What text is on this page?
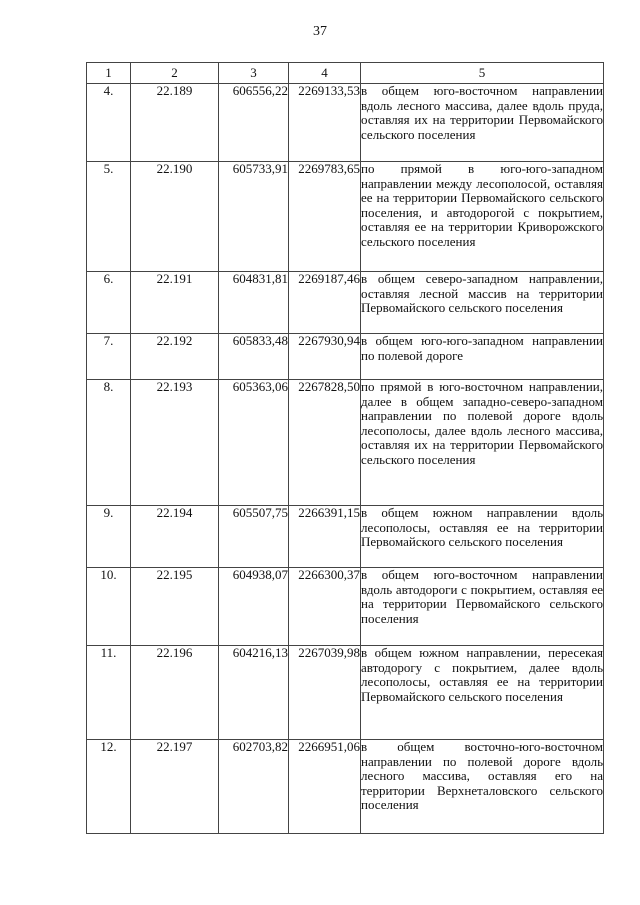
37
1	2	3	4	5
4.	22.189	606556,22	2269133,53	в общем юго-восточном направлении вдоль лесного массива, далее вдоль пруда, оставляя их на территории Первомайского сельского поселения
5.	22.190	605733,91	2269783,65	по прямой в юго-юго-западном направлении между лесополосой, оставляя ее на территории Первомайского сельского поселения, и автодорогой с покрытием, оставляя ее на территории Криворожского сельского поселения
6.	22.191	604831,81	2269187,46	в общем северо-западном направлении, оставляя лесной массив на территории Первомайского сельского поселения
7.	22.192	605833,48	2267930,94	в общем юго-юго-западном направлении по полевой дороге
8.	22.193	605363,06	2267828,50	по прямой в юго-восточном направлении, далее в общем западно-северо-западном направлении по полевой дороге вдоль лесополосы, далее вдоль лесного массива, оставляя их на территории Первомайского сельского поселения
9.	22.194	605507,75	2266391,15	в общем южном направлении вдоль лесополосы, оставляя ее на территории Первомайского сельского поселения
10.	22.195	604938,07	2266300,37	в общем юго-восточном направлении вдоль автодороги с покрытием, оставляя ее на территории Первомайского сельского поселения
11.	22.196	604216,13	2267039,98	в общем южном направлении, пересекая автодорогу с покрытием, далее вдоль лесополосы, оставляя ее на территории Первомайского сельского поселения
12.	22.197	602703,82	2266951,06	в общем восточно-юго-восточном направлении по полевой дороге вдоль лесного массива, оставляя его на территории Верхнеталовского сельского поселения
